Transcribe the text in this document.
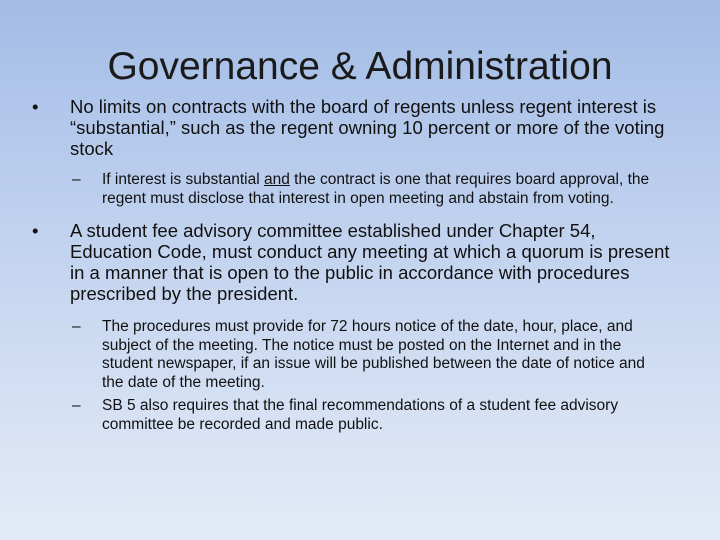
Governance & Administration
• No limits on contracts with the board of regents unless regent interest is “substantial,” such as the regent owning 10 percent or more of the voting stock
– If interest is substantial and the contract is one that requires board approval, the regent must disclose that interest in open meeting and abstain from voting.
• A student fee advisory committee established under Chapter 54, Education Code, must conduct any meeting at which a quorum is present in a manner that is open to the public in accordance with procedures prescribed by the president.
– The procedures must provide for 72 hours notice of the date, hour, place, and subject of the meeting. The notice must be posted on the Internet and in the student newspaper, if an issue will be published between the date of notice and the date of the meeting.
– SB 5 also requires that the final recommendations of a student fee advisory committee be recorded and made public.
